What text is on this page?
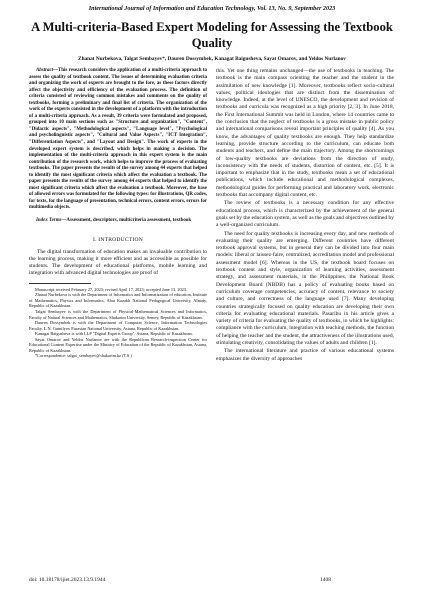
International Journal of Information and Education Technology, Vol. 13, No. 9, September 2023
A Multi-criteria-Based Expert Modeling for Assessing the Textbook Quality
Zhanat Nurbekova, Talgat Sembayev*, Dauren Dossymbek, Kanagat Baigusheva, Sayat Omarov, and Yeldos Nurlanov

Abstract—This research considers the application of a multi-criteria approach to assess the quality of textbook content. The issues of determining evaluation criteria and organizing the work of experts are brought to the fore, as these factors directly affect the objectivity and efficiency of the evaluation process. The definition of criteria consisted of reviewing common mistakes and comments on the quality of textbooks, forming a preliminary and final list of criteria. The organization of the work of the experts consisted in the development of a platform with the introduction of a multi-criteria approach. As a result, 39 criteria were formulated and proposed, grouped into 10 main sections such as "Structure and organization", "Content", "Didactic aspects", "Methodological aspects", "Language level", "Psychological and psycholinguistic aspects", "Cultural and Value Aspects", "ICT Integration", "Differentiation Aspects", and "Layout and Design". The work of experts in the developed expert system is described, which helps in making a decision. The implementation of the multi-criteria approach in this expert system is the main contribution of the research work, which helps to improve the process of evaluating textbooks. The paper presents the results of the survey among 44 experts that helped to identify the most significant criteria which affect the evaluation a textbook. The paper presents the results of the survey among 44 experts that helped to identify the most significant criteria which affect the evaluation a textbook. Moreover, the base of allowed errors was formulated for the following types: for illustrations, QR codes, for texts, for the language of presentation, technical errors, content errors, errors for multimedia objects.

Index Terms—Assessment, descriptors, multicriteria assessment, textbook

I. INTRODUCTION

The digital transformation of education makes an invaluable contribution to the learning process, making it more efficient and as accessible as possible for students. The development of educational platforms, mobile learning and integration with advanced digital technologies are proof of

Manuscript received February 27, 2023; revised April 17, 2023; accepted June 13, 2023.

Zhanat Nurbekova is with the Department of Informatics and Informatization of education, Institute of Mathematics, Physics and Informatics, Abai Kazakh National Pedagogical University, Almaty, Republic of Kazakhstan.

Talgat Sembayev is with the Department of Physical-Mathematical Sciences and Informatics, Faculty of Natural Sciences and Mathematics, Shakarim University, Semey, Republic of Kazakhstan.

Dauren Dossymbek is with the Department of Computer Science, Information Technologies Faculty, L.N. Gumilyov Eurasian National University, Astana, Republic of Kazakhstan.

Kanagat Baigusheva is with LLP "Digital Experts Group", Astana, Republic of Kazakhstan.

Sayat Omarov and Yeldos Nurlanov are with the Republican Research-inspection Center for Educational Content Expertise under the Ministry of Education of the Republic of Kazakhstan, Astana, Republic of Kazakhstan.

*Correspondence: talgat_sembayev@shakarim.kz (T.S.)

this. Yet one thing remains unchanged—the use of textbooks in teaching. The textbook is the main compass orienting the teacher and the student in the assimilation of new knowledge [1]. Moreover, textbooks reflect socio-cultural values, political ideologies that are distinct from the dissemination of knowledge. Indeed, at the level of UNESCO, the development and revision of textbooks and curricula was recognized as a high priority [2, 3]. In June 2018, the First International Summit was held in London, where 14 countries came to the conclusion that the neglect of textbooks is a gross mistake in public policy and international comparisons reveal important principles of quality [4]. As you know, the advantages of quality textbooks are enough. They help standardize learning, provide structure according to the curriculum, can educate both students and teachers, and define the main trajectory. Among the shortcomings of low-quality textbooks are deviations from the direction of study, inconsistency with the needs of students, distortion of content, etc. [5]. It is important to emphasize that in the study, textbooks mean a set of educational publications, which include educational and methodological complexes, methodological guides for performing practical and laboratory work, electronic textbooks that accompany digital content, etc.

The review of textbooks is a necessary condition for any effective educational process, which is characterized by the achievement of the general goals set by the education system, as well as the goals and objectives outlined by a well-organized curriculum.

The need for quality textbooks is increasing every day, and new methods of evaluating their quality are emerging. Different countries have different textbook approval systems, but in general they can be divided into four main models: liberal or laissez-faire, centralized, accreditation model and professional assessment model [6]. Whereas in the US, the textbook board focuses on textbook content and style, organization of learning activities, assessment strategy, and assessment materials, in the Philippines, the National Book Development Board (NBDB) has a policy of evaluating books based on curriculum coverage competencies, accuracy of content, relevance to society and culture, and correctness of the language used [7]. Many developing countries strategically focused on quality education are developing their own criteria for evaluating educational materials. Pasaribu in his article gives a variety of criteria for evaluating the quality of textbooks, in which he highlights: compliance with the curriculum, integration with teaching methods, the function of helping the teacher and the student, the attractiveness of the illustrations used, stimulating creativity, consolidating the values of adults and children [1].

The international literature and practice of various educational systems emphasizes the diversity of approaches

doi: 10.18178/ijiet.2023.13.9.1944	1408
